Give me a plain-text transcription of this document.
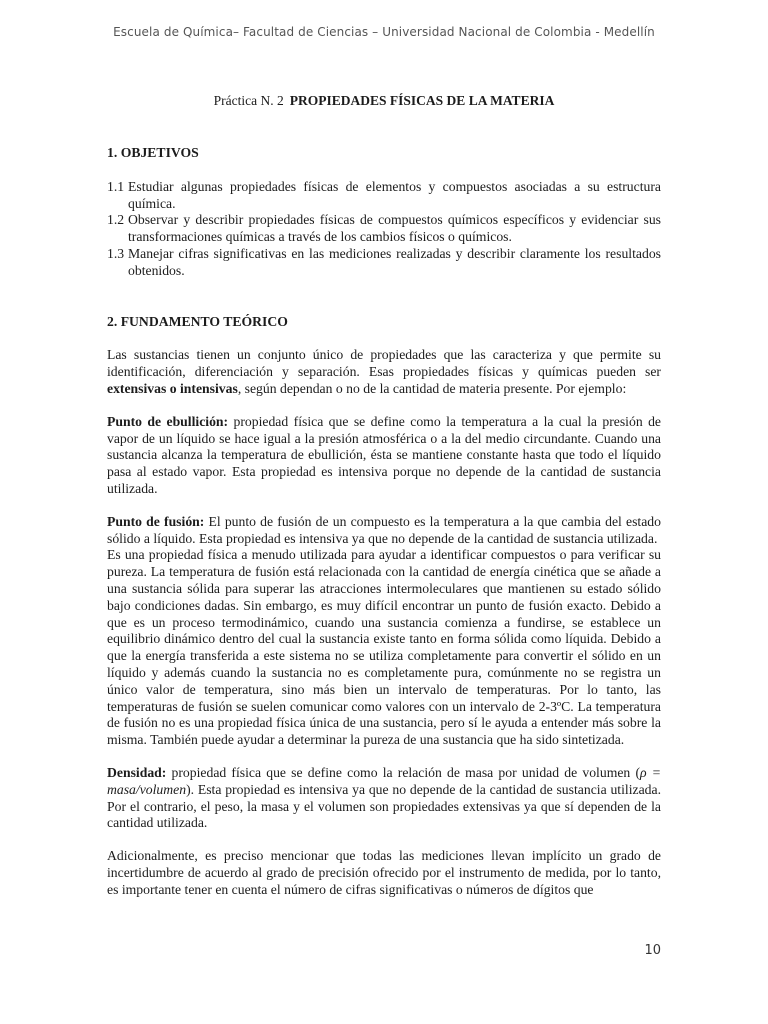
Escuela de Química– Facultad de Ciencias – Universidad Nacional de Colombia - Medellín
Práctica N. 2 PROPIEDADES FÍSICAS DE LA MATERIA

1. OBJETIVOS

1.1 Estudiar algunas propiedades físicas de elementos y compuestos asociadas a su estructura química.
1.2 Observar y describir propiedades físicas de compuestos químicos específicos y evidenciar sus transformaciones químicas a través de los cambios físicos o químicos.
1.3 Manejar cifras significativas en las mediciones realizadas y describir claramente los resultados obtenidos.

2. FUNDAMENTO TEÓRICO

Las sustancias tienen un conjunto único de propiedades que las caracteriza y que permite su identificación, diferenciación y separación. Esas propiedades físicas y químicas pueden ser extensivas o intensivas, según dependan o no de la cantidad de materia presente. Por ejemplo:

Punto de ebullición: propiedad física que se define como la temperatura a la cual la presión de vapor de un líquido se hace igual a la presión atmosférica o a la del medio circundante. Cuando una sustancia alcanza la temperatura de ebullición, ésta se mantiene constante hasta que todo el líquido pasa al estado vapor. Esta propiedad es intensiva porque no depende de la cantidad de sustancia utilizada.

Punto de fusión: El punto de fusión de un compuesto es la temperatura a la que cambia del estado sólido a líquido. Esta propiedad es intensiva ya que no depende de la cantidad de sustancia utilizada.

Es una propiedad física a menudo utilizada para ayudar a identificar compuestos o para verificar su pureza. La temperatura de fusión está relacionada con la cantidad de energía cinética que se añade a una sustancia sólida para superar las atracciones intermoleculares que mantienen su estado sólido bajo condiciones dadas. Sin embargo, es muy difícil encontrar un punto de fusión exacto. Debido a que es un proceso termodinámico, cuando una sustancia comienza a fundirse, se establece un equilibrio dinámico dentro del cual la sustancia existe tanto en forma sólida como líquida. Debido a que la energía transferida a este sistema no se utiliza completamente para convertir el sólido en un líquido y además cuando la sustancia no es completamente pura, comúnmente no se registra un único valor de temperatura, sino más bien un intervalo de temperaturas. Por lo tanto, las temperaturas de fusión se suelen comunicar como valores con un intervalo de 2-3ºC. La temperatura de fusión no es una propiedad física única de una sustancia, pero sí le ayuda a entender más sobre la misma. También puede ayudar a determinar la pureza de una sustancia que ha sido sintetizada.

Densidad: propiedad física que se define como la relación de masa por unidad de volumen (ρ = masa/volumen). Esta propiedad es intensiva ya que no depende de la cantidad de sustancia utilizada. Por el contrario, el peso, la masa y el volumen son propiedades extensivas ya que sí dependen de la cantidad utilizada.

Adicionalmente, es preciso mencionar que todas las mediciones llevan implícito un grado de incertidumbre de acuerdo al grado de precisión ofrecido por el instrumento de medida, por lo tanto, es importante tener en cuenta el número de cifras significativas o números de dígitos que

10
